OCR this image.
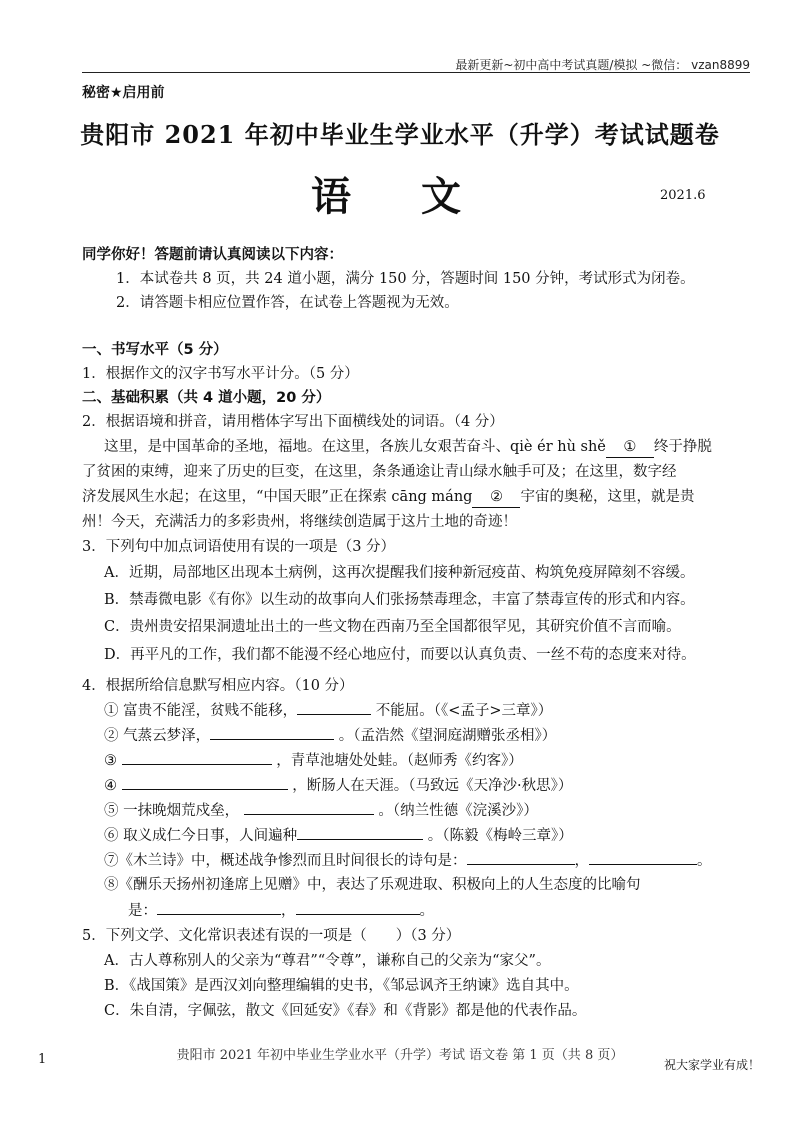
最新更新~初中高中考试真题/模拟 ~微信： vzan8899
秘密★启用前
贵阳市 2021 年初中毕业生学业水平（升学）考试试题卷
语 文	2021.6
同学你好！答题前请认真阅读以下内容：
1．本试卷共 8 页，共 24 道小题，满分 150 分，答题时间 150 分钟，考试形式为闭卷。
2．请答题卡相应位置作答，在试卷上答题视为无效。
一、书写水平（5 分）
1．根据作文的汉字书写水平计分。（5 分）
二、基础积累（共 4 道小题，20 分）
2．根据语境和拼音，请用楷体字写出下面横线处的词语。（4 分）
这里，是中国革命的圣地，福地。在这里，各族儿女艰苦奋斗、qiè ér hù shě ① 终于挣脱
了贫困的束缚，迎来了历史的巨变，在这里，条条通途让青山绿水触手可及；在这里，数字经
济发展风生水起；在这里，“中国天眼”正在探索 cāng máng ② 宇宙的奥秘，这里，就是贵
州！今天，充满活力的多彩贵州，将继续创造属于这片土地的奇迹！
3．下列句中加点词语使用有误的一项是（3 分）
A．近期，局部地区出现本土病例，这再次提醒我们接种新冠疫苗、构筑免疫屏障刻不容缓。
B．禁毒微电影《有你》以生动的故事向人们张扬禁毒理念，丰富了禁毒宣传的形式和内容。
C．贵州贵安招果洞遗址出土的一些文物在西南乃至全国都很罕见，其研究价值不言而喻。
D．再平凡的工作，我们都不能漫不经心地应付，而要以认真负责、一丝不苟的态度来对待。
4．根据所给信息默写相应内容。（10 分）
① 富贵不能淫，贫贱不能移，	不能屈。（《<孟子>三章》）
② 气蒸云梦泽，	。（孟浩然《望洞庭湖赠张丞相》）
③	，青草池塘处处蛙。（赵师秀《约客》）
④	，断肠人在天涯。（马致远《天净沙·秋思》）
⑤ 一抹晚烟荒戍垒，	。（纳兰性德《浣溪沙》）
⑥ 取义成仁今日事，人间遍种	。（陈毅《梅岭三章》）
⑦《木兰诗》中，概述战争惨烈而且时间很长的诗句是：	，	。
⑧《酬乐天扬州初逢席上见赠》中，表达了乐观进取、积极向上的人生态度的比喻句
是：	，	。
5．下列文学、文化常识表述有误的一项是（　　）（3 分）
A．古人尊称别人的父亲为“尊君”“令尊”，谦称自己的父亲为“家父”。
B．《战国策》是西汉刘向整理编辑的史书，《邹忌讽齐王纳谏》选自其中。
C．朱自清，字佩弦，散文《回延安》《春》和《背影》都是他的代表作品。
贵阳市 2021 年初中毕业生学业水平（升学）考试 语文卷 第 1 页（共 8 页）
1	祝大家学业有成！
